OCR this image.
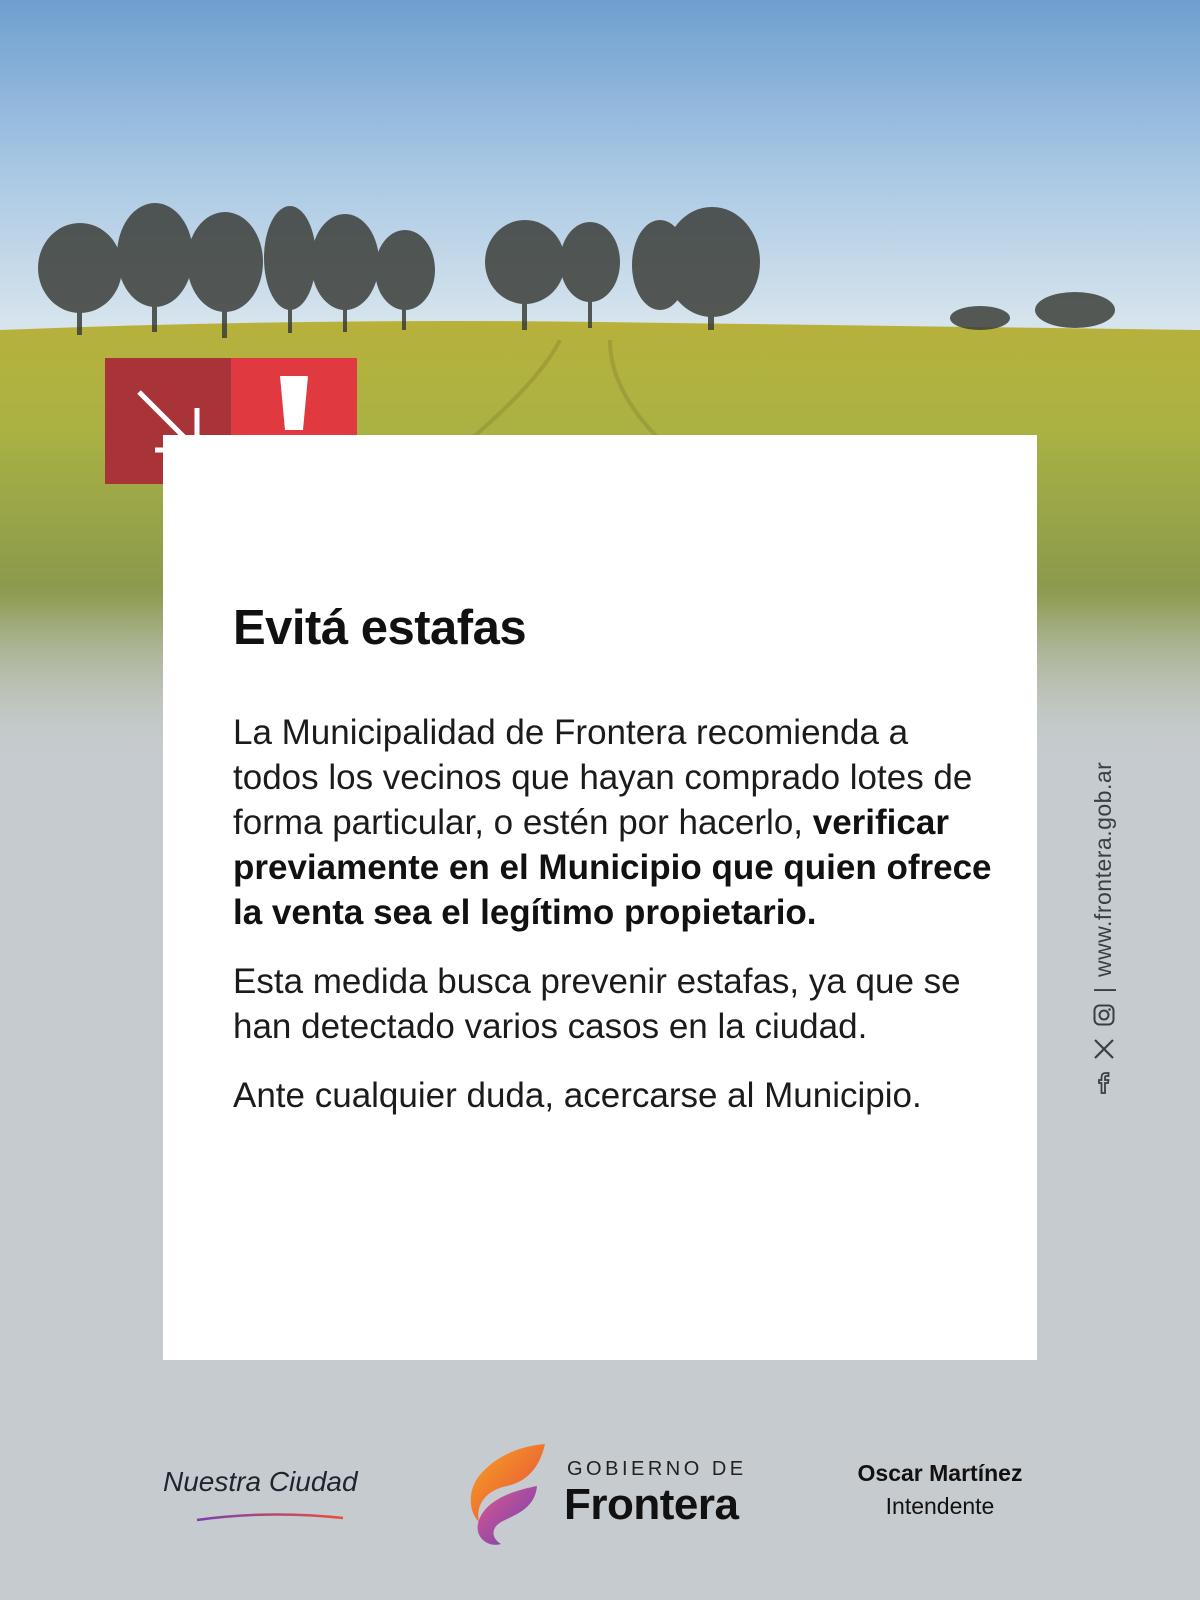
Evitá estafas

La Municipalidad de Frontera recomienda a todos los vecinos que hayan comprado lotes de forma particular, o estén por hacerlo, verificar previamente en el Municipio que quien ofrece la venta sea el legítimo propietario.

Esta medida busca prevenir estafas, ya que se han detectado varios casos en la ciudad.

Ante cualquier duda, acercarse al Municipio.

|
www.frontera.gob.ar
Nuestra Ciudad	GOBIERNO DE
Frontera
Oscar Martínez
Intendente
